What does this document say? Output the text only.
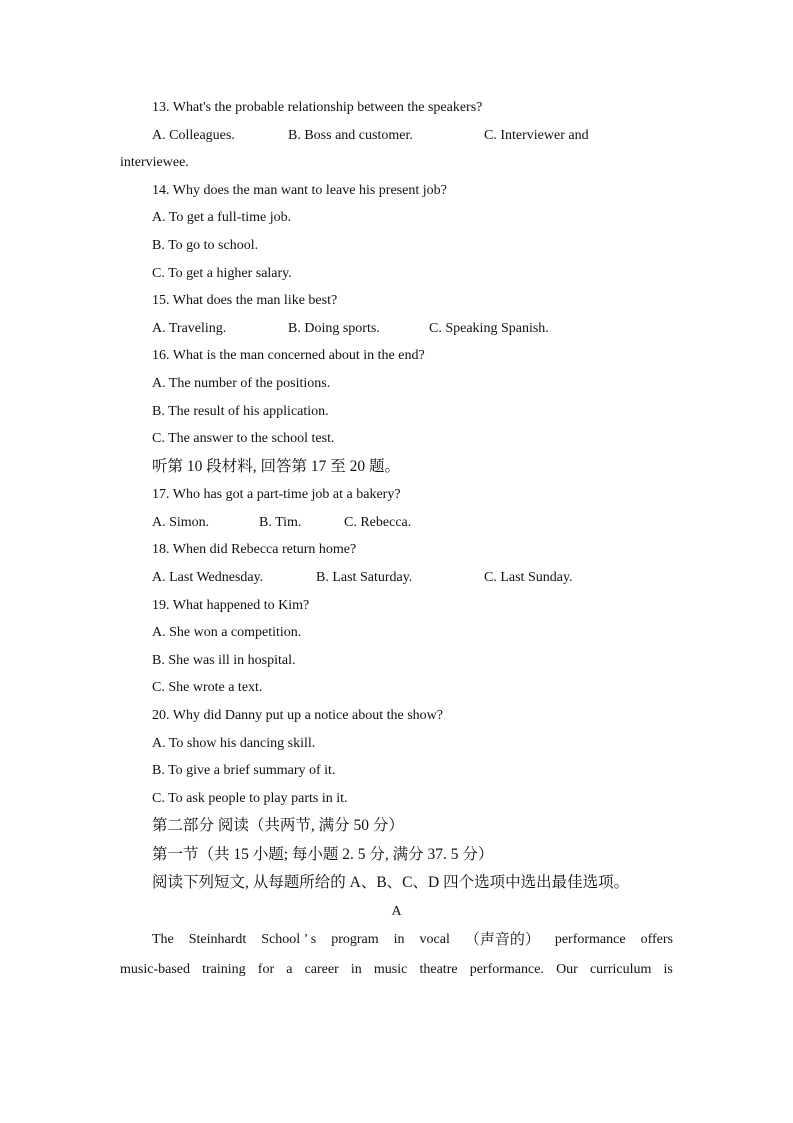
13. What's the probable relationship between the speakers?
A. Colleagues.	B. Boss and customer.	C. Interviewer and
interviewee.
14. Why does the man want to leave his present job?
A. To get a full-time job.
B. To go to school.
C. To get a higher salary.
15. What does the man like best?
A. Traveling.	B. Doing sports.	C. Speaking Spanish.
16. What is the man concerned about in the end?
A. The number of the positions.
B. The result of his application.
C. The answer to the school test.
听第 10 段材料, 回答第 17 至 20 题。
17. Who has got a part-time job at a bakery?
A. Simon.	B. Tim.	C. Rebecca.
18. When did Rebecca return home?
A. Last Wednesday.	B. Last Saturday.	C. Last Sunday.
19. What happened to Kim?
A. She won a competition.
B. She was ill in hospital.
C. She wrote a text.
20. Why did Danny put up a notice about the show?
A. To show his dancing skill.
B. To give a brief summary of it.
C. To ask people to play parts in it.
第二部分 阅读（共两节, 满分 50 分）
第一节（共 15 小题; 每小题 2. 5 分, 满分 37. 5 分）
阅读下列短文, 从每题所给的 A、B、C、D 四个选项中选出最佳选项。
A
The Steinhardt School ’ s program in vocal （声音的） performance offers
music-based training for a career in music theatre performance. Our curriculum is
